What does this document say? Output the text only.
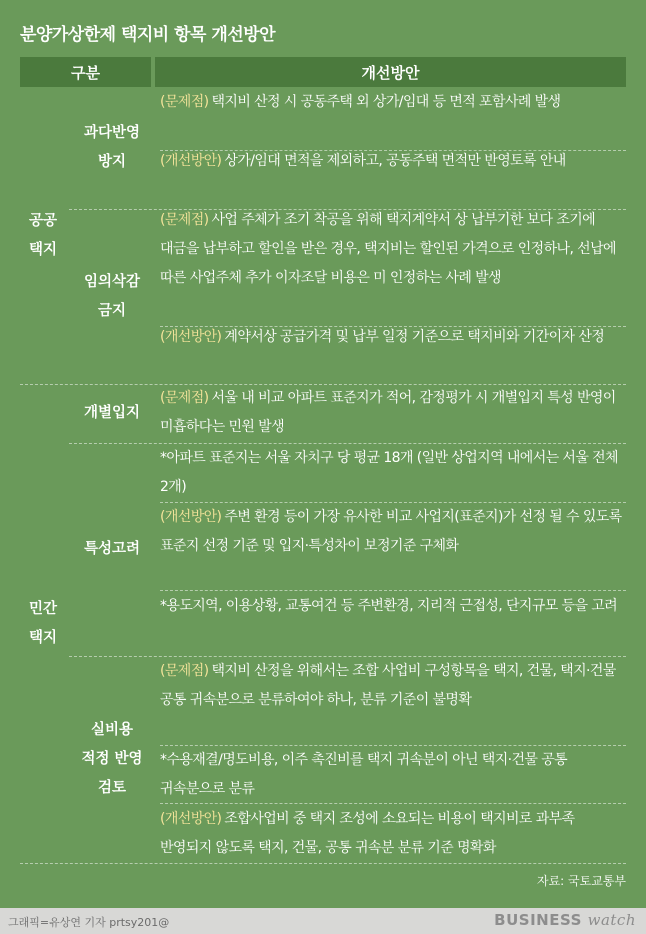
분양가상한제 택지비 항목 개선방안
구분	개선방안
공공
택지
민간
택지
과다반영
방지
임의삭감
금지
개별입지
특성고려
실비용
적정 반영
검토
(문제점) 택지비 산정 시 공동주택 외 상가/임대 등 면적 포함사례 발생
(개선방안) 상가/임대 면적을 제외하고, 공동주택 면적만 반영토록 안내
(문제점) 사업 주체가 조기 착공을 위해 택지계약서 상 납부기한 보다 조기에 대금을 납부하고 할인을 받은 경우, 택지비는 할인된 가격으로 인정하나, 선납에 따른 사업주체 추가 이자조달 비용은 미 인정하는 사례 발생
(개선방안) 계약서상 공급가격 및 납부 일정 기준으로 택지비와 기간이자 산정
(문제점) 서울 내 비교 아파트 표준지가 적어, 감정평가 시 개별입지 특성 반영이 미흡하다는 민원 발생
*아파트 표준지는 서울 자치구 당 평균 18개 (일반 상업지역 내에서는 서울 전체 2개)
(개선방안) 주변 환경 등이 가장 유사한 비교 사업지(표준지)가 선정 될 수 있도록 표준지 선정 기준 및 입지·특성차이 보정기준 구체화
*용도지역, 이용상황, 교통여건 등 주변환경, 지리적 근접성, 단지규모 등을 고려
(문제점) 택지비 산정을 위해서는 조합 사업비 구성항목을 택지, 건물, 택지·건물 공통 귀속분으로 분류하여야 하나, 분류 기준이 불명확
*수용재결/명도비용, 이주 촉진비를 택지 귀속분이 아닌 택지·건물 공통 귀속분으로 분류
(개선방안) 조합사업비 중 택지 조성에 소요되는 비용이 택지비로 과부족 반영되지 않도록 택지, 건물, 공통 귀속분 분류 기준 명확화
자료: 국토교통부
그래픽=유상연 기자 prtsy201@	BUSINESS watch
